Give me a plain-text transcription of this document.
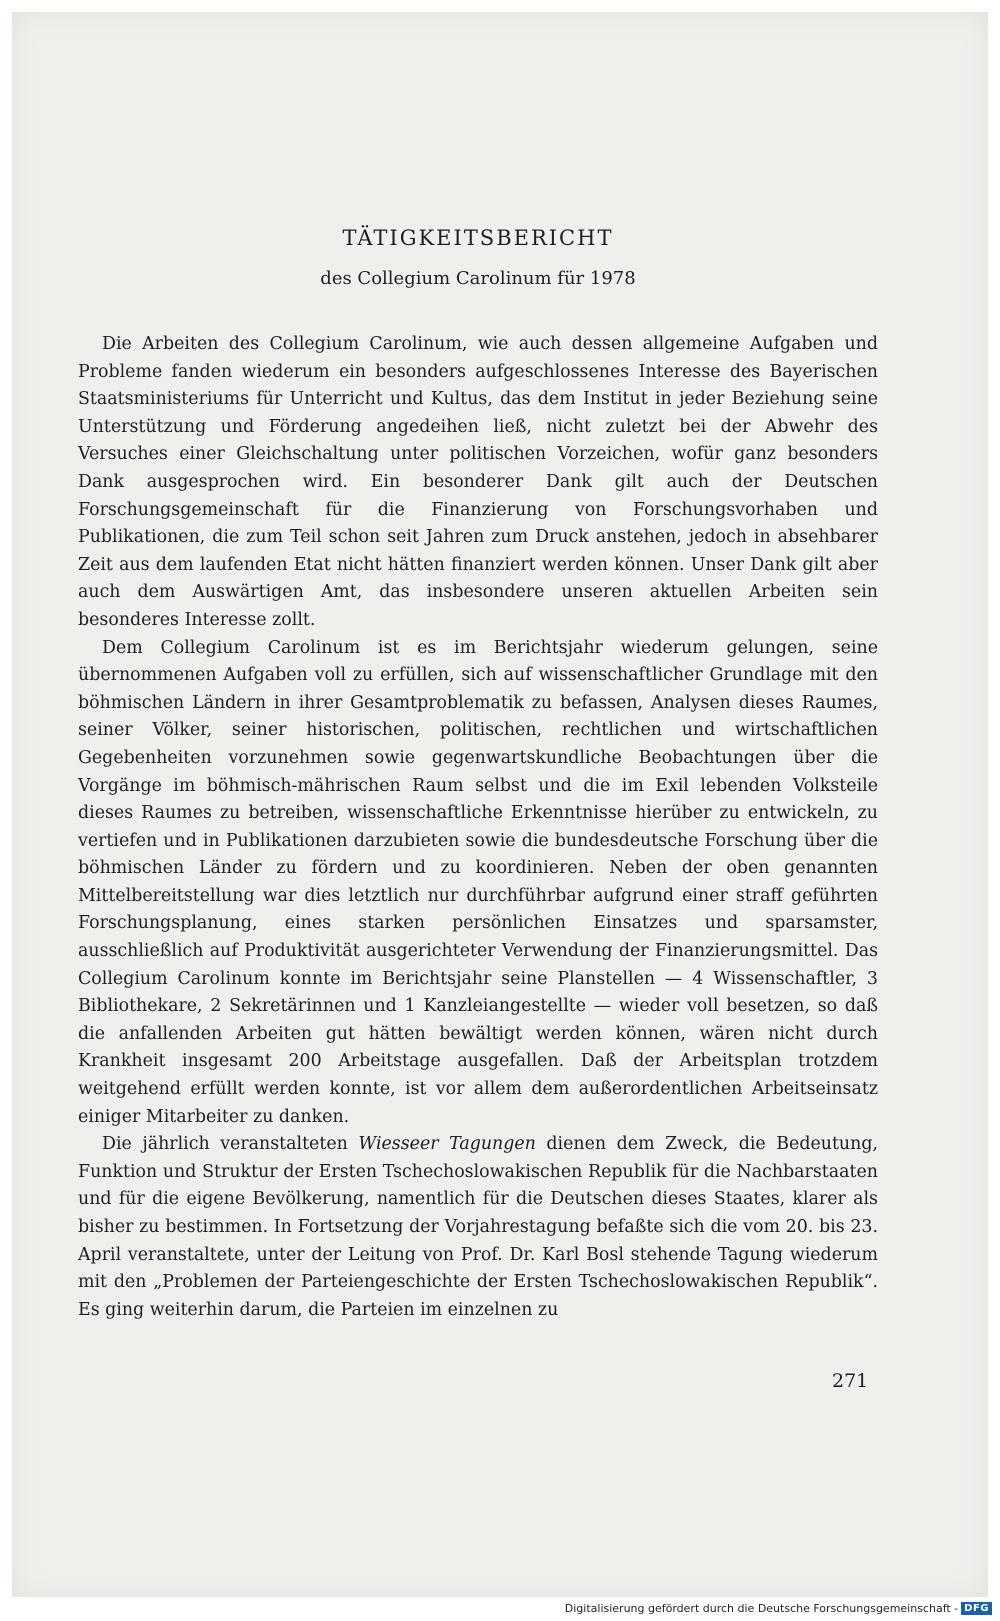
TÄTIGKEITSBERICHT
des Collegium Carolinum für 1978

Die Arbeiten des Collegium Carolinum, wie auch dessen allgemeine Aufgaben und Probleme fanden wiederum ein besonders aufgeschlossenes Interesse des Bayerischen Staatsministeriums für Unterricht und Kultus, das dem Institut in jeder Beziehung seine Unterstützung und Förderung angedeihen ließ, nicht zuletzt bei der Abwehr des Versuches einer Gleichschaltung unter politischen Vorzeichen, wofür ganz besonders Dank ausgesprochen wird. Ein besonderer Dank gilt auch der Deutschen Forschungsgemeinschaft für die Finanzierung von Forschungsvorhaben und Publikationen, die zum Teil schon seit Jahren zum Druck anstehen, jedoch in absehbarer Zeit aus dem laufenden Etat nicht hätten finanziert werden können. Unser Dank gilt aber auch dem Auswärtigen Amt, das insbesondere unseren aktuellen Arbeiten sein besonderes Interesse zollt.

Dem Collegium Carolinum ist es im Berichtsjahr wiederum gelungen, seine übernommenen Aufgaben voll zu erfüllen, sich auf wissenschaftlicher Grundlage mit den böhmischen Ländern in ihrer Gesamtproblematik zu befassen, Analysen dieses Raumes, seiner Völker, seiner historischen, politischen, rechtlichen und wirtschaftlichen Gegebenheiten vorzunehmen sowie gegenwartskundliche Beobachtungen über die Vorgänge im böhmisch-mährischen Raum selbst und die im Exil lebenden Volksteile dieses Raumes zu betreiben, wissenschaftliche Erkenntnisse hierüber zu entwickeln, zu vertiefen und in Publikationen darzubieten sowie die bundesdeutsche Forschung über die böhmischen Länder zu fördern und zu koordinieren. Neben der oben genannten Mittelbereitstellung war dies letztlich nur durchführbar aufgrund einer straff geführten Forschungsplanung, eines starken persönlichen Einsatzes und sparsamster, ausschließlich auf Produktivität ausgerichteter Verwendung der Finanzierungsmittel. Das Collegium Carolinum konnte im Berichtsjahr seine Planstellen — 4 Wissenschaftler, 3 Bibliothekare, 2 Sekretärinnen und 1 Kanzleiangestellte — wieder voll besetzen, so daß die anfallenden Arbeiten gut hätten bewältigt werden können, wären nicht durch Krankheit insgesamt 200 Arbeitstage ausgefallen. Daß der Arbeitsplan trotzdem weitgehend erfüllt werden konnte, ist vor allem dem außerordentlichen Arbeitseinsatz einiger Mitarbeiter zu danken.

Die jährlich veranstalteten Wiesseer Tagungen dienen dem Zweck, die Bedeutung, Funktion und Struktur der Ersten Tschechoslowakischen Republik für die Nachbarstaaten und für die eigene Bevölkerung, namentlich für die Deutschen dieses Staates, klarer als bisher zu bestimmen. In Fortsetzung der Vorjahrestagung befaßte sich die vom 20. bis 23. April veranstaltete, unter der Leitung von Prof. Dr. Karl Bosl stehende Tagung wiederum mit den „Problemen der Parteiengeschichte der Ersten Tschechoslowakischen Republik“. Es ging weiterhin darum, die Parteien im einzelnen zu

271
Digitalisierung gefördert durch die Deutsche Forschungsgemeinschaft - DFG
